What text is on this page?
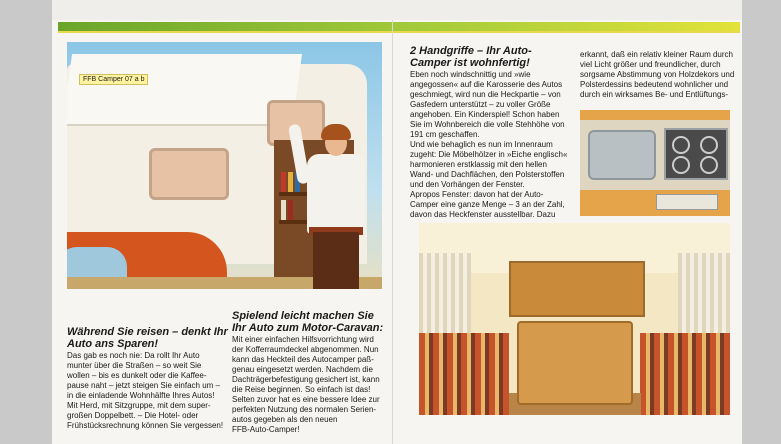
FFB Camper 07 a b

Während Sie reisen – denkt Ihr Auto ans Sparen!

Das gab es noch nie: Da rollt Ihr Auto

munter über die Straßen – so weit Sie

wollen – bis es dunkelt oder die Kaffee-

pause naht – jetzt steigen Sie einfach um –

in die einladende Wohnhälfte Ihres Autos!

Mit Herd, mit Sitzgruppe, mit dem super-

großen Doppelbett. – Die Hotel- oder

Frühstücksrechnung können Sie vergessen!

Spielend leicht machen Sie Ihr Auto zum Motor-Caravan:

Mit einer einfachen Hilfsvorrichtung wird

der Kofferraumdeckel abgenommen. Nun

kann das Heckteil des Autocamper paß-

genau eingesetzt werden. Nachdem die

Dachträgerbefestigung gesichert ist, kann

die Reise beginnen. So einfach ist das!

Selten zuvor hat es eine bessere Idee zur

perfekten Nutzung des normalen Serien-

autos gegeben als den neuen

FFB-Auto-Camper!

2 Handgriffe – Ihr Auto-Camper ist wohnfertig!

Eben noch windschnittig und »wie

angegossen« auf die Karosserie des Autos

geschmiegt, wird nun die Heckpartie – von

Gasfedern unterstützt – zu voller Größe

angehoben. Ein Kinderspiel! Schon haben

Sie im Wohnbereich die volle Stehhöhe von

191 cm geschaffen.

Und wie behaglich es nun im Innenraum

zugeht: Die Möbelhölzer in »Eiche englisch«

harmonieren erstklassig mit den hellen

Wand- und Dachflächen, den Polsterstoffen

und den Vorhängen der Fenster.

Apropos Fenster: davon hat der Auto-

Camper eine ganze Menge – 3 an der Zahl,

davon das Heckfenster ausstellbar. Dazu

erkannt, daß ein relativ kleiner Raum durch

viel Licht größer und freundlicher, durch

sorgsame Abstimmung von Holzdekors und

Polsterdessins bedeutend wohnlicher und

durch ein wirksames Be- und Entlüftungs-
